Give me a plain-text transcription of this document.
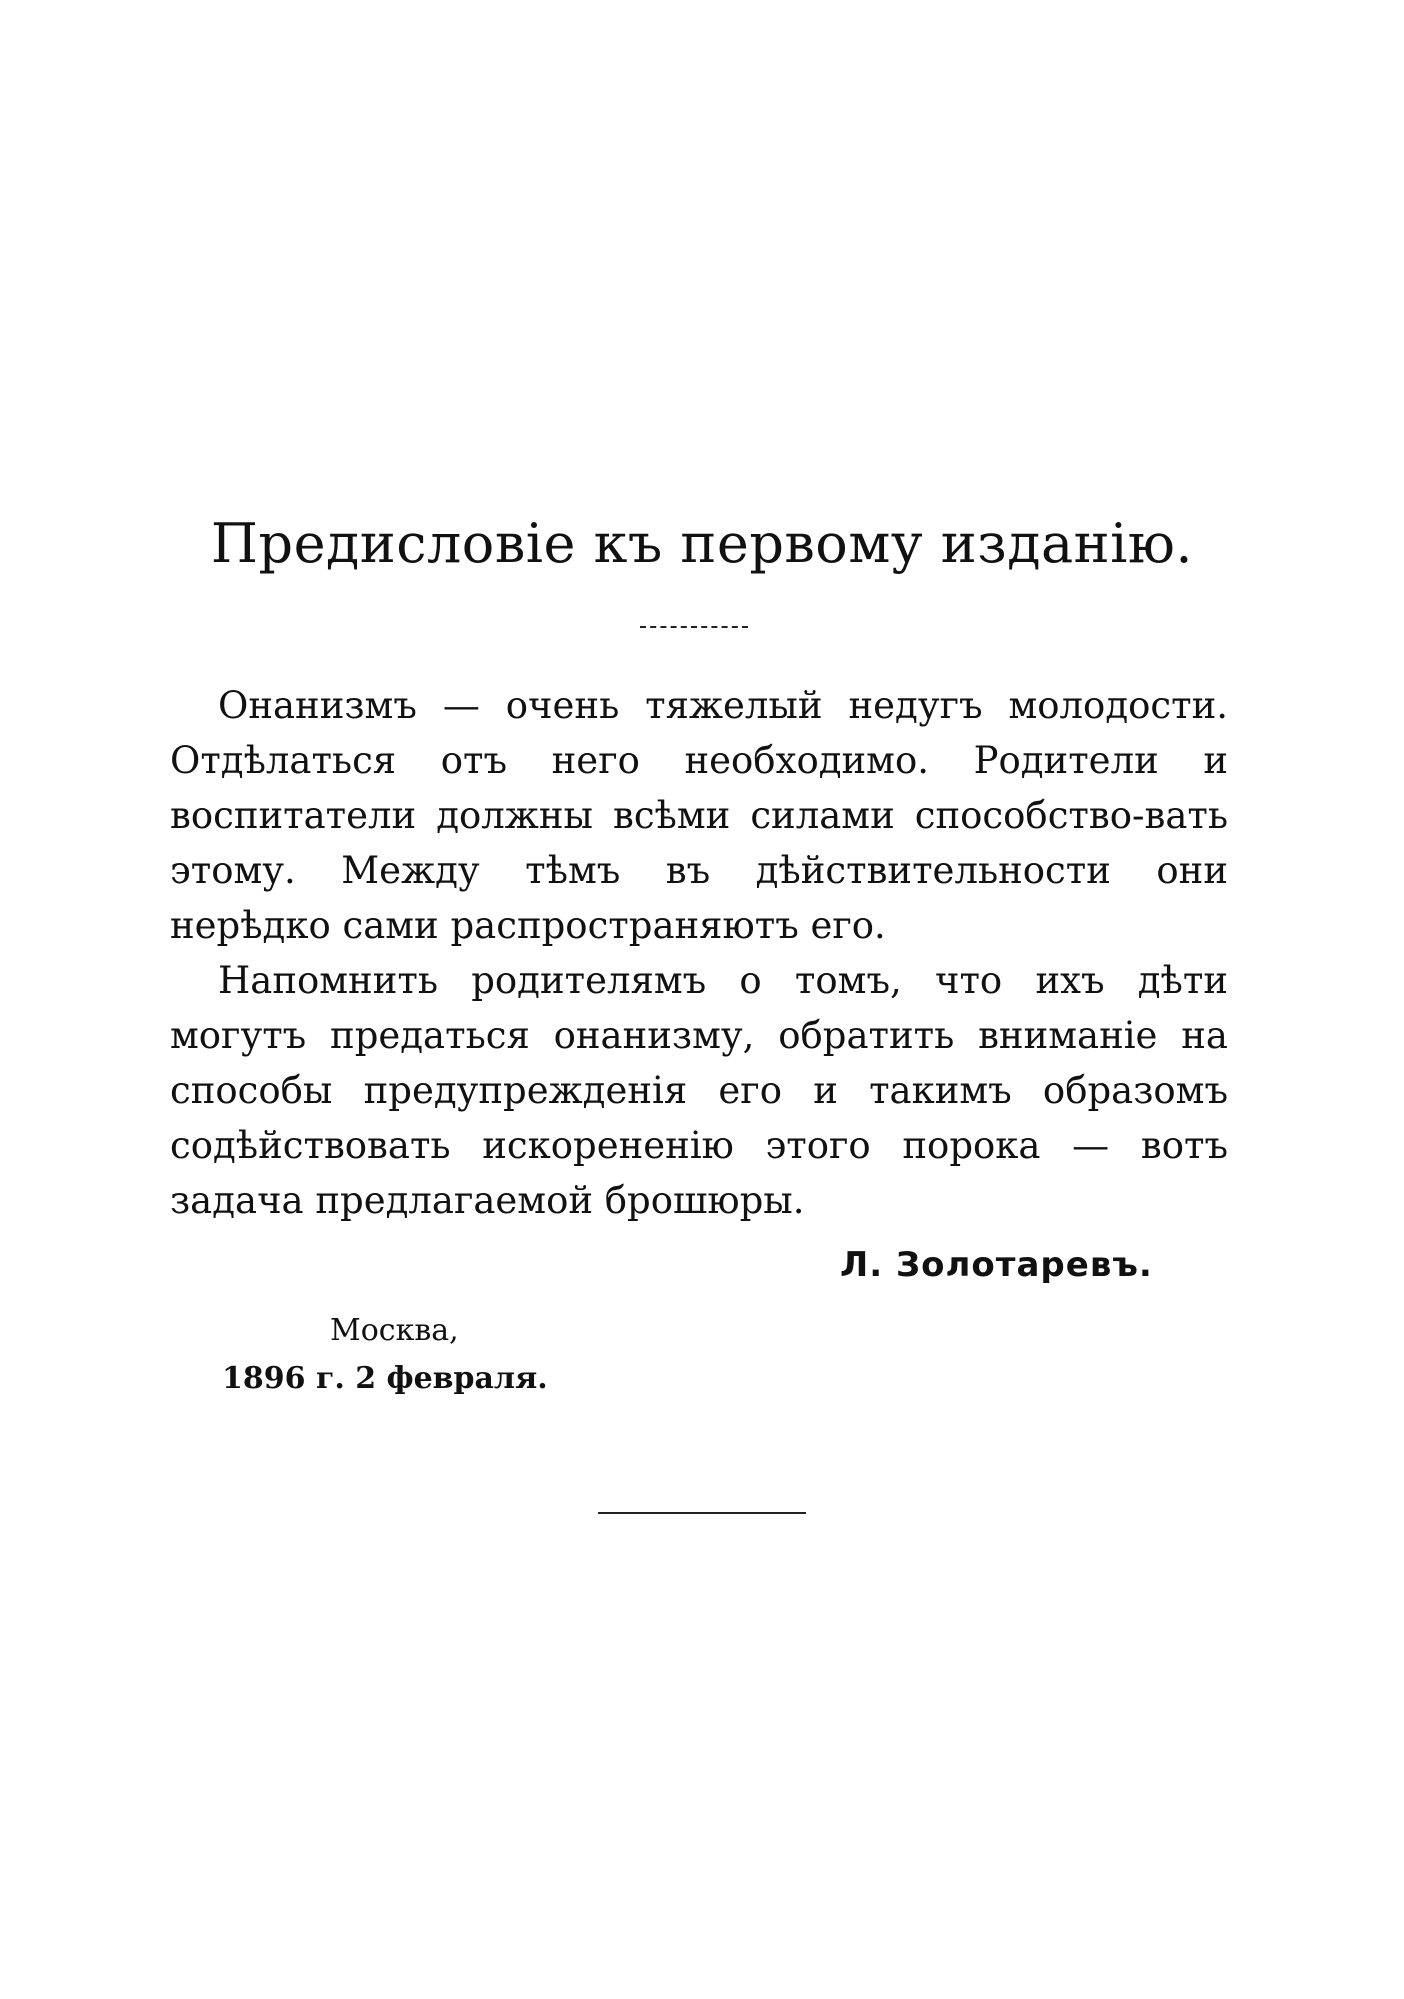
Предисловіе къ первому изданію.

Онанизмъ — очень тяжелый недугъ молодости. Отдѣлаться отъ него необходимо. Родители и воспитатели должны всѣми силами способство-вать этому. Между тѣмъ въ дѣйствительности они нерѣдко сами распространяютъ его.

Напомнить родителямъ о томъ, что ихъ дѣти могутъ предаться онанизму, обратить вниманіе на способы предупрежденія его и такимъ образомъ содѣйствовать искорененію этого порока — вотъ задача предлагаемой брошюры.

Л. Золотаревъ.
Москва,
1896 г. 2 февраля.
